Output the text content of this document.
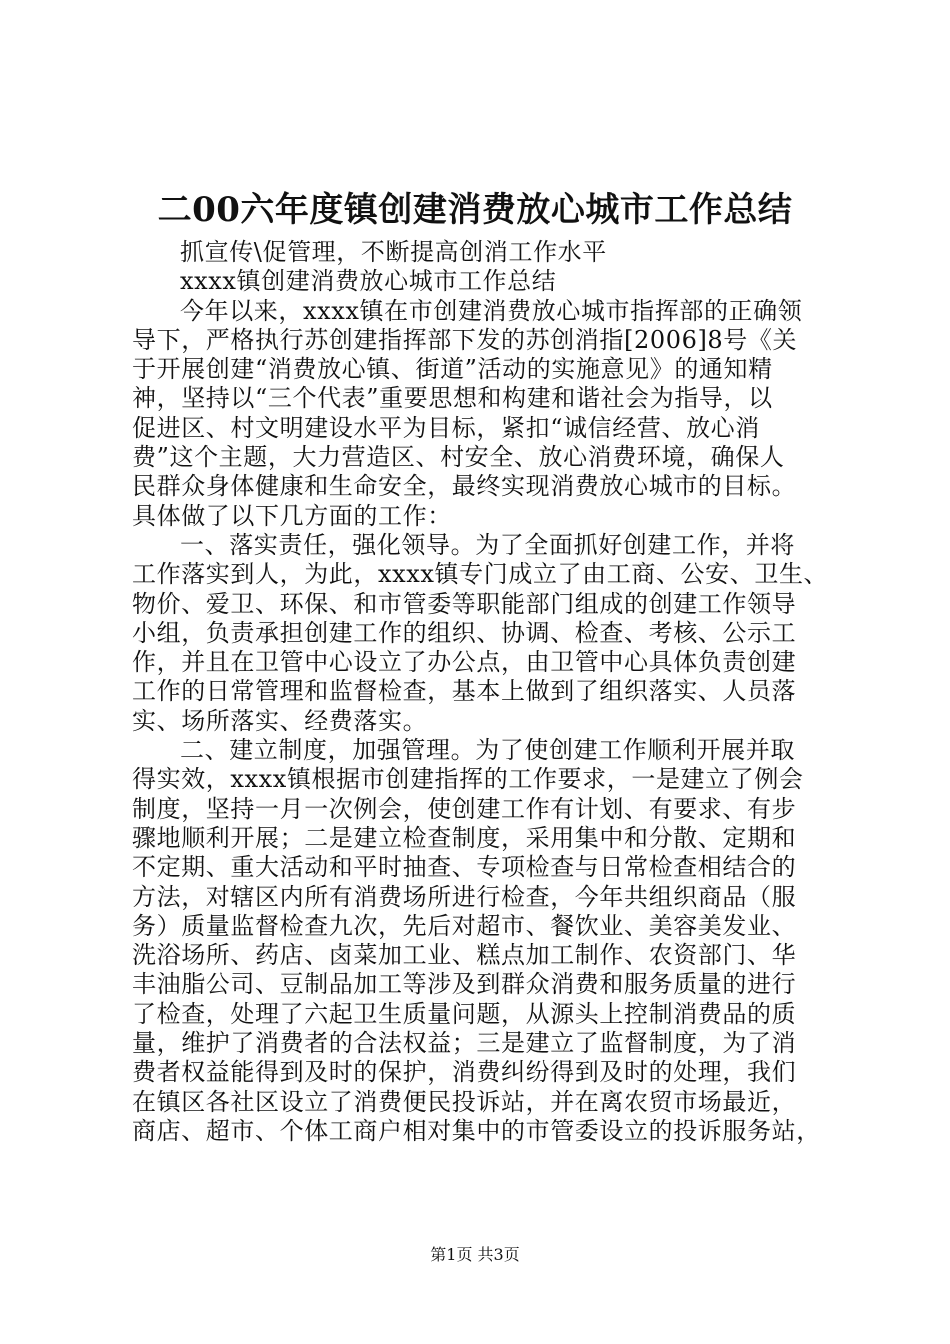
二00六年度镇创建消费放心城市工作总结
抓宣传\促管理，不断提高创消工作水平
xxxx镇创建消费放心城市工作总结
今年以来，xxxx镇在市创建消费放心城市指挥部的正确领
导下，严格执行苏创建指挥部下发的苏创消指[2006]8号《关
于开展创建“消费放心镇、街道”活动的实施意见》的通知精
神，坚持以“三个代表”重要思想和构建和谐社会为指导，以
促进区、村文明建设水平为目标，紧扣“诚信经营、放心消
费”这个主题，大力营造区、村安全、放心消费环境，确保人
民群众身体健康和生命安全，最终实现消费放心城市的目标。
具体做了以下几方面的工作：
一、落实责任，强化领导。为了全面抓好创建工作，并将
工作落实到人，为此，xxxx镇专门成立了由工商、公安、卫生、
物价、爱卫、环保、和市管委等职能部门组成的创建工作领导
小组，负责承担创建工作的组织、协调、检查、考核、公示工
作，并且在卫管中心设立了办公点，由卫管中心具体负责创建
工作的日常管理和监督检查，基本上做到了组织落实、人员落
实、场所落实、经费落实。
二、建立制度，加强管理。为了使创建工作顺利开展并取
得实效，xxxx镇根据市创建指挥的工作要求，一是建立了例会
制度，坚持一月一次例会，使创建工作有计划、有要求、有步
骤地顺利开展；二是建立检查制度，采用集中和分散、定期和
不定期、重大活动和平时抽查、专项检查与日常检查相结合的
方法，对辖区内所有消费场所进行检查，今年共组织商品（服
务）质量监督检查九次，先后对超市、餐饮业、美容美发业、
洗浴场所、药店、卤菜加工业、糕点加工制作、农资部门、华
丰油脂公司、豆制品加工等涉及到群众消费和服务质量的进行
了检查，处理了六起卫生质量问题，从源头上控制消费品的质
量，维护了消费者的合法权益；三是建立了监督制度，为了消
费者权益能得到及时的保护，消费纠纷得到及时的处理，我们
在镇区各社区设立了消费便民投诉站，并在离农贸市场最近，
商店、超市、个体工商户相对集中的市管委设立的投诉服务站，
第1页 共3页
